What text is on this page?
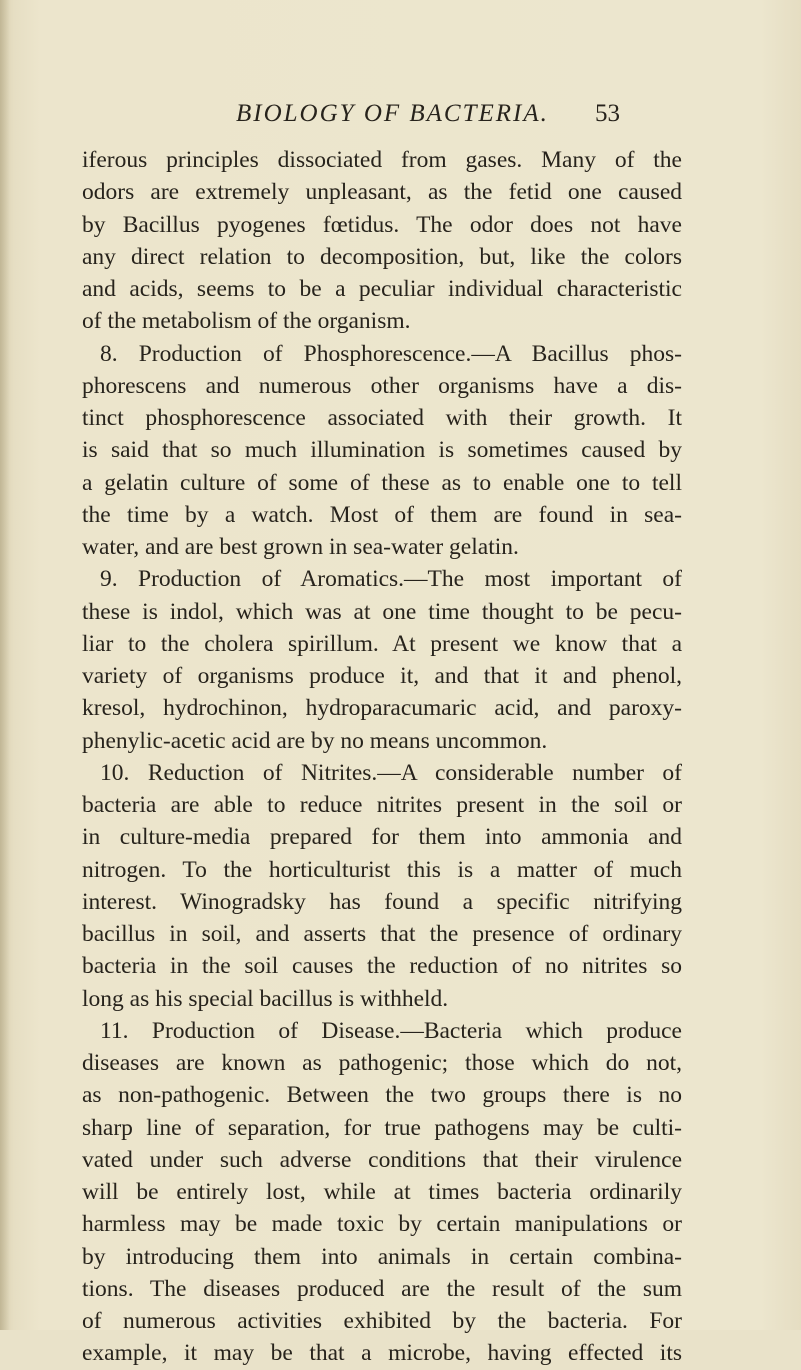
BIOLOGY OF BACTERIA. 53
iferous principles dissociated from gases. Many of the
odors are extremely unpleasant, as the fetid one caused
by Bacillus pyogenes fœtidus. The odor does not have
any direct relation to decomposition, but, like the colors
and acids, seems to be a peculiar individual characteristic
of the metabolism of the organism.
8. Production of Phosphorescence.—A Bacillus phos-
phorescens and numerous other organisms have a dis-
tinct phosphorescence associated with their growth. It
is said that so much illumination is sometimes caused by
a gelatin culture of some of these as to enable one to tell
the time by a watch. Most of them are found in sea-
water, and are best grown in sea-water gelatin.
9. Production of Aromatics.—The most important of
these is indol, which was at one time thought to be pecu-
liar to the cholera spirillum. At present we know that a
variety of organisms produce it, and that it and phenol,
kresol, hydrochinon, hydroparacumaric acid, and paroxy-
phenylic-acetic acid are by no means uncommon.
10. Reduction of Nitrites.—A considerable number of
bacteria are able to reduce nitrites present in the soil or
in culture-media prepared for them into ammonia and
nitrogen. To the horticulturist this is a matter of much
interest. Winogradsky has found a specific nitrifying
bacillus in soil, and asserts that the presence of ordinary
bacteria in the soil causes the reduction of no nitrites so
long as his special bacillus is withheld.
11. Production of Disease.—Bacteria which produce
diseases are known as pathogenic; those which do not,
as non-pathogenic. Between the two groups there is no
sharp line of separation, for true pathogens may be culti-
vated under such adverse conditions that their virulence
will be entirely lost, while at times bacteria ordinarily
harmless may be made toxic by certain manipulations or
by introducing them into animals in certain combina-
tions. The diseases produced are the result of the sum
of numerous activities exhibited by the bacteria. For
example, it may be that a microbe, having effected its
